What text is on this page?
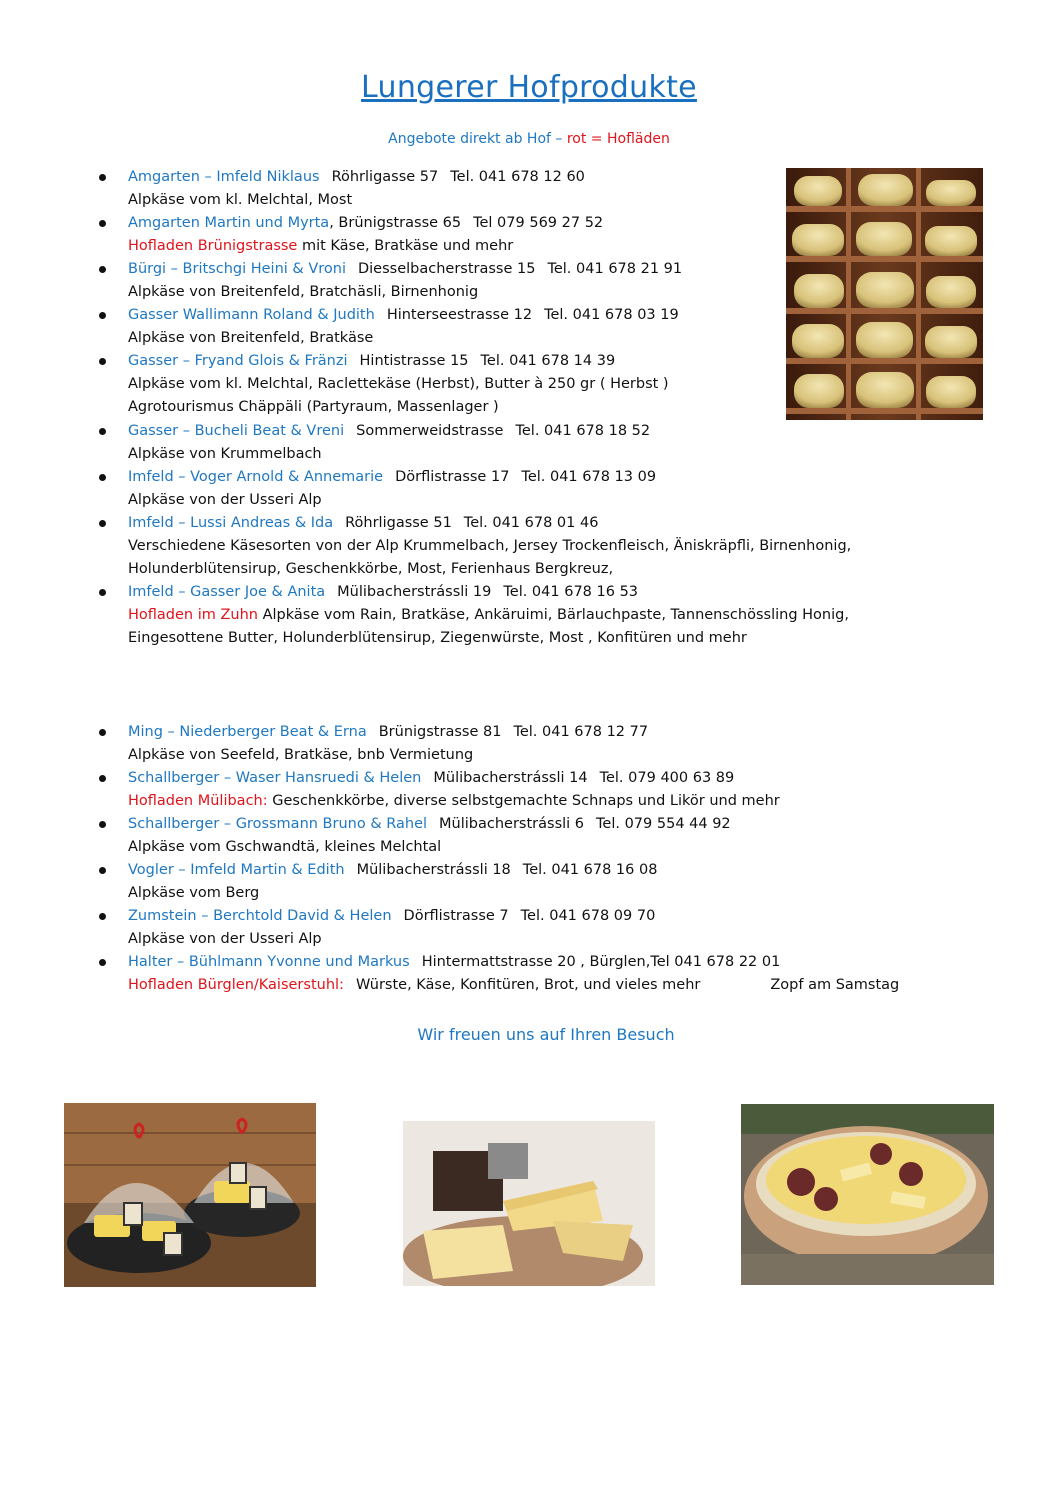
Lungerer Hofprodukte
Angebote direkt ab Hof – rot = Hofläden
Amgarten – Imfeld Niklaus Röhrligasse 57 Tel. 041 678 12 60
Alpkäse vom kl. Melchtal, Most
Amgarten Martin und Myrta, Brünigstrasse 65 Tel 079 569 27 52
Hofladen Brünigstrasse mit Käse, Bratkäse und mehr
Bürgi – Britschgi Heini & Vroni Diesselbacherstrasse 15 Tel. 041 678 21 91
Alpkäse von Breitenfeld, Bratchäsli, Birnenhonig
Gasser Wallimann Roland & Judith Hinterseestrasse 12 Tel. 041 678 03 19
Alpkäse von Breitenfeld, Bratkäse
Gasser – Fryand Glois & Fränzi Hintistrasse 15 Tel. 041 678 14 39
Alpkäse vom kl. Melchtal, Raclettekäse (Herbst), Butter à 250 gr ( Herbst )
Agrotourismus Chäppäli (Partyraum, Massenlager )
Gasser – Bucheli Beat & Vreni Sommerweidstrasse Tel. 041 678 18 52
Alpkäse von Krummelbach
Imfeld – Voger Arnold & Annemarie Dörflistrasse 17 Tel. 041 678 13 09
Alpkäse von der Usseri Alp
Imfeld – Lussi Andreas & Ida Röhrligasse 51 Tel. 041 678 01 46
Verschiedene Käsesorten von der Alp Krummelbach, Jersey Trockenfleisch, Äniskräpfli, Birnenhonig,
Holunderblütensirup, Geschenkkörbe, Most, Ferienhaus Bergkreuz,
Imfeld – Gasser Joe & Anita Mülibacherstrássli 19 Tel. 041 678 16 53
Hofladen im Zuhn Alpkäse vom Rain, Bratkäse, Ankäruimi, Bärlauchpaste, Tannenschössling Honig,
Eingesottene Butter, Holunderblütensirup, Ziegenwürste, Most , Konfitüren und mehr
Ming – Niederberger Beat & Erna Brünigstrasse 81 Tel. 041 678 12 77
Alpkäse von Seefeld, Bratkäse, bnb Vermietung
Schallberger – Waser Hansruedi & Helen Mülibacherstrássli 14 Tel. 079 400 63 89
Hofladen Mülibach: Geschenkkörbe, diverse selbstgemachte Schnaps und Likör und mehr
Schallberger – Grossmann Bruno & Rahel Mülibacherstrássli 6 Tel. 079 554 44 92
Alpkäse vom Gschwandtä, kleines Melchtal
Vogler – Imfeld Martin & Edith Mülibacherstrássli 18 Tel. 041 678 16 08
Alpkäse vom Berg
Zumstein – Berchtold David & Helen Dörflistrasse 7 Tel. 041 678 09 70
Alpkäse von der Usseri Alp
Halter – Bühlmann Yvonne und Markus Hintermattstrasse 20 , Bürglen,Tel 041 678 22 01
Hofladen Bürglen/Kaiserstuhl: Würste, Käse, Konfitüren, Brot, und vieles mehr	Zopf am Samstag
Wir freuen uns auf Ihren Besuch
